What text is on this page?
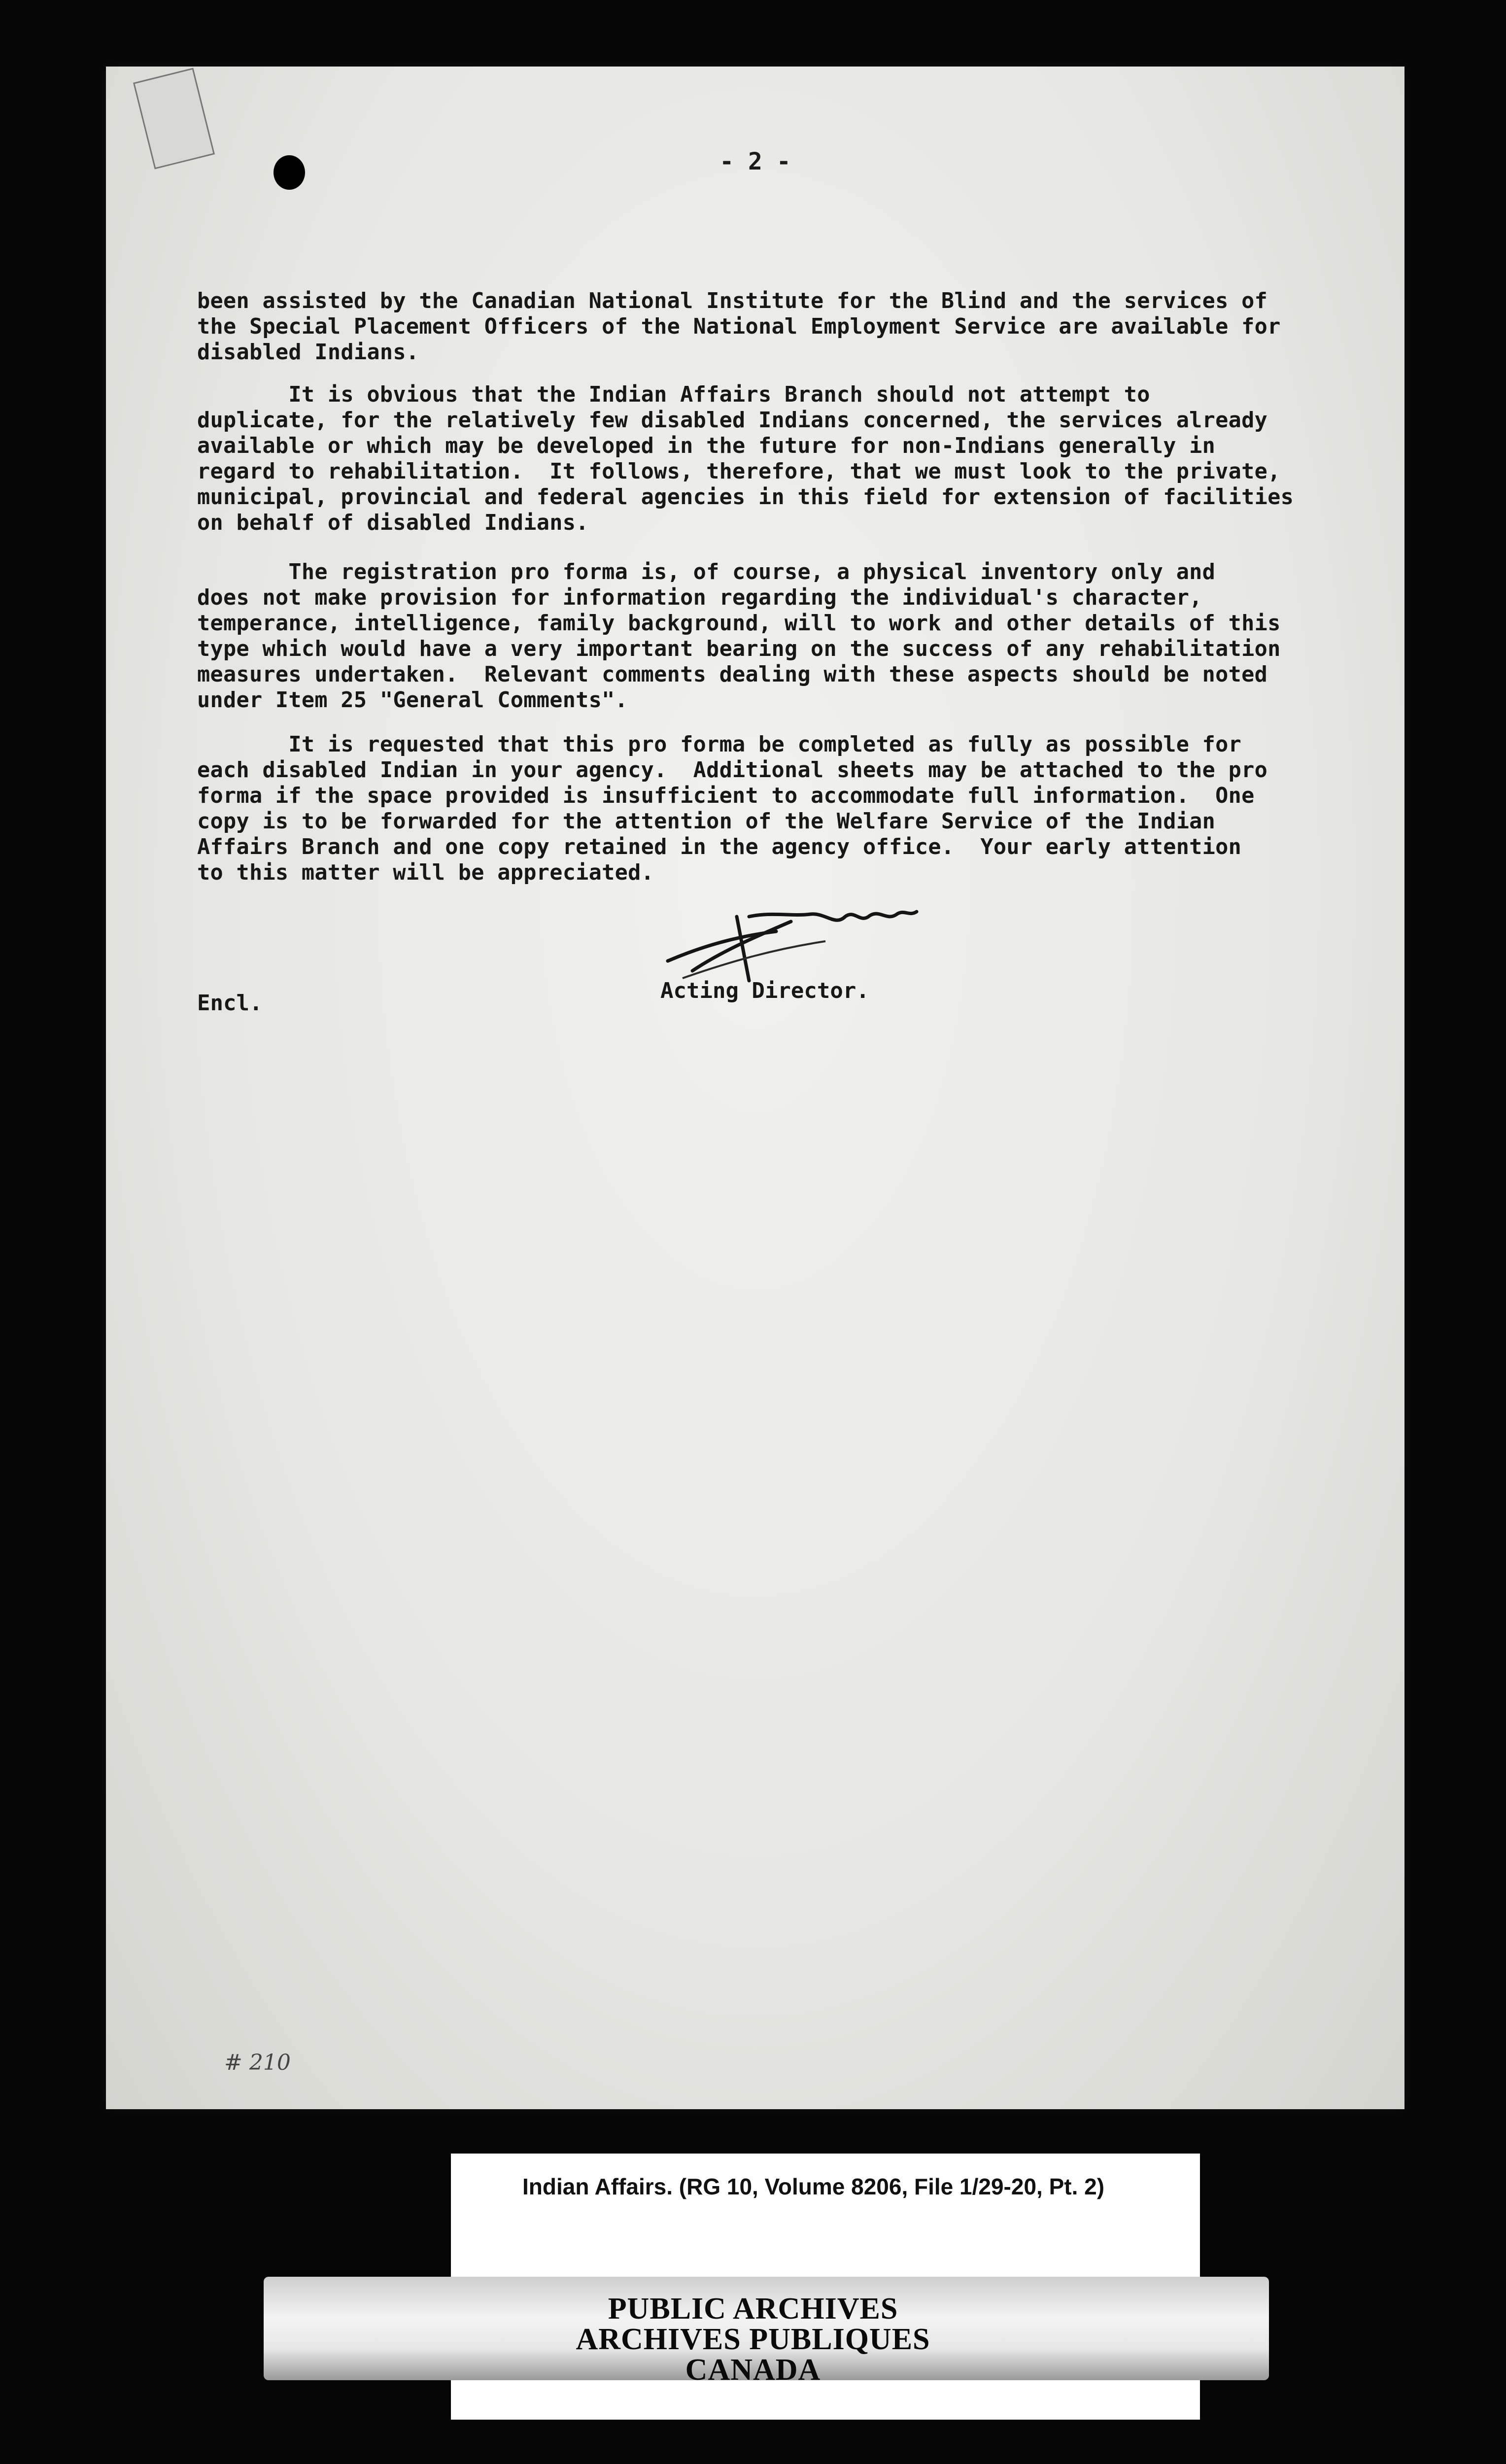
- 2 -
been assisted by the Canadian National Institute for the Blind and the services of
the Special Placement Officers of the National Employment Service are available for
disabled Indians.
It is obvious that the Indian Affairs Branch should not attempt to
duplicate, for the relatively few disabled Indians concerned, the services already
available or which may be developed in the future for non-Indians generally in
regard to rehabilitation.  It follows, therefore, that we must look to the private,
municipal, provincial and federal agencies in this field for extension of facilities
on behalf of disabled Indians.
The registration pro forma is, of course, a physical inventory only and
does not make provision for information regarding the individual's character,
temperance, intelligence, family background, will to work and other details of this
type which would have a very important bearing on the success of any rehabilitation
measures undertaken.  Relevant comments dealing with these aspects should be noted
under Item 25 "General Comments".
It is requested that this pro forma be completed as fully as possible for
each disabled Indian in your agency.  Additional sheets may be attached to the pro
forma if the space provided is insufficient to accommodate full information.  One
copy is to be forwarded for the attention of the Welfare Service of the Indian
Affairs Branch and one copy retained in the agency office.  Your early attention
to this matter will be appreciated.
Encl.	Acting Director.
# 210
Indian Affairs. (RG 10, Volume 8206, File 1/29-20, Pt. 2)
PUBLIC ARCHIVES
ARCHIVES PUBLIQUES
CANADA
